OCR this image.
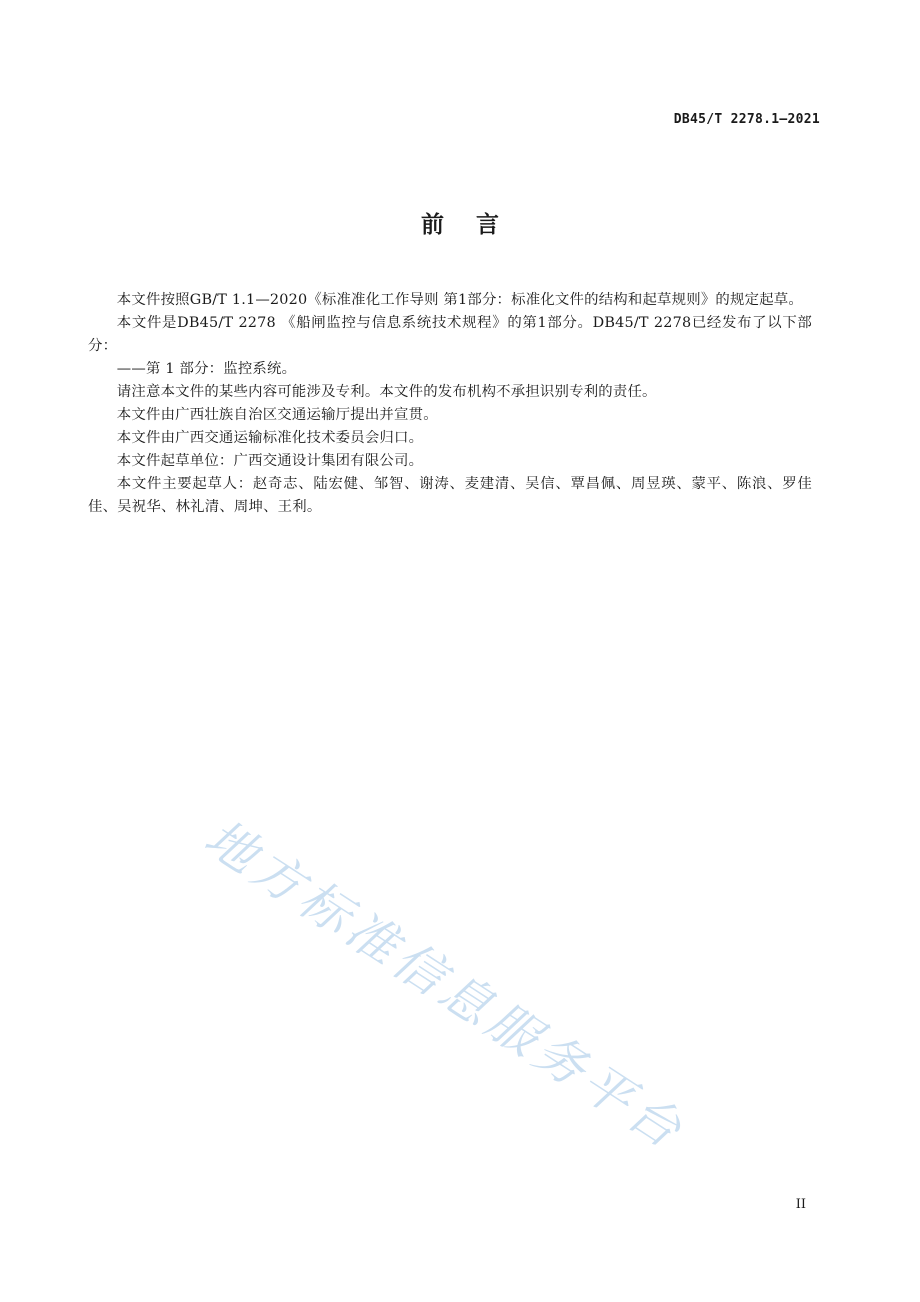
DB45/T 2278.1—2021
前言

本文件按照GB/T 1.1—2020《标准准化工作导则 第1部分：标准化文件的结构和起草规则》的规定起草。

本文件是DB45/T 2278 《船闸监控与信息系统技术规程》的第1部分。DB45/T 2278已经发布了以下部分：

——第 1 部分：监控系统。

请注意本文件的某些内容可能涉及专利。本文件的发布机构不承担识别专利的责任。

本文件由广西壮族自治区交通运输厅提出并宣贯。

本文件由广西交通运输标准化技术委员会归口。

本文件起草单位：广西交通设计集团有限公司。

本文件主要起草人：赵奇志、陆宏健、邹智、谢涛、麦建清、吴信、覃昌佩、周昱瑛、蒙平、陈浪、罗佳佳、吴祝华、林礼清、周坤、王利。

地方标准信息服务平台
II
